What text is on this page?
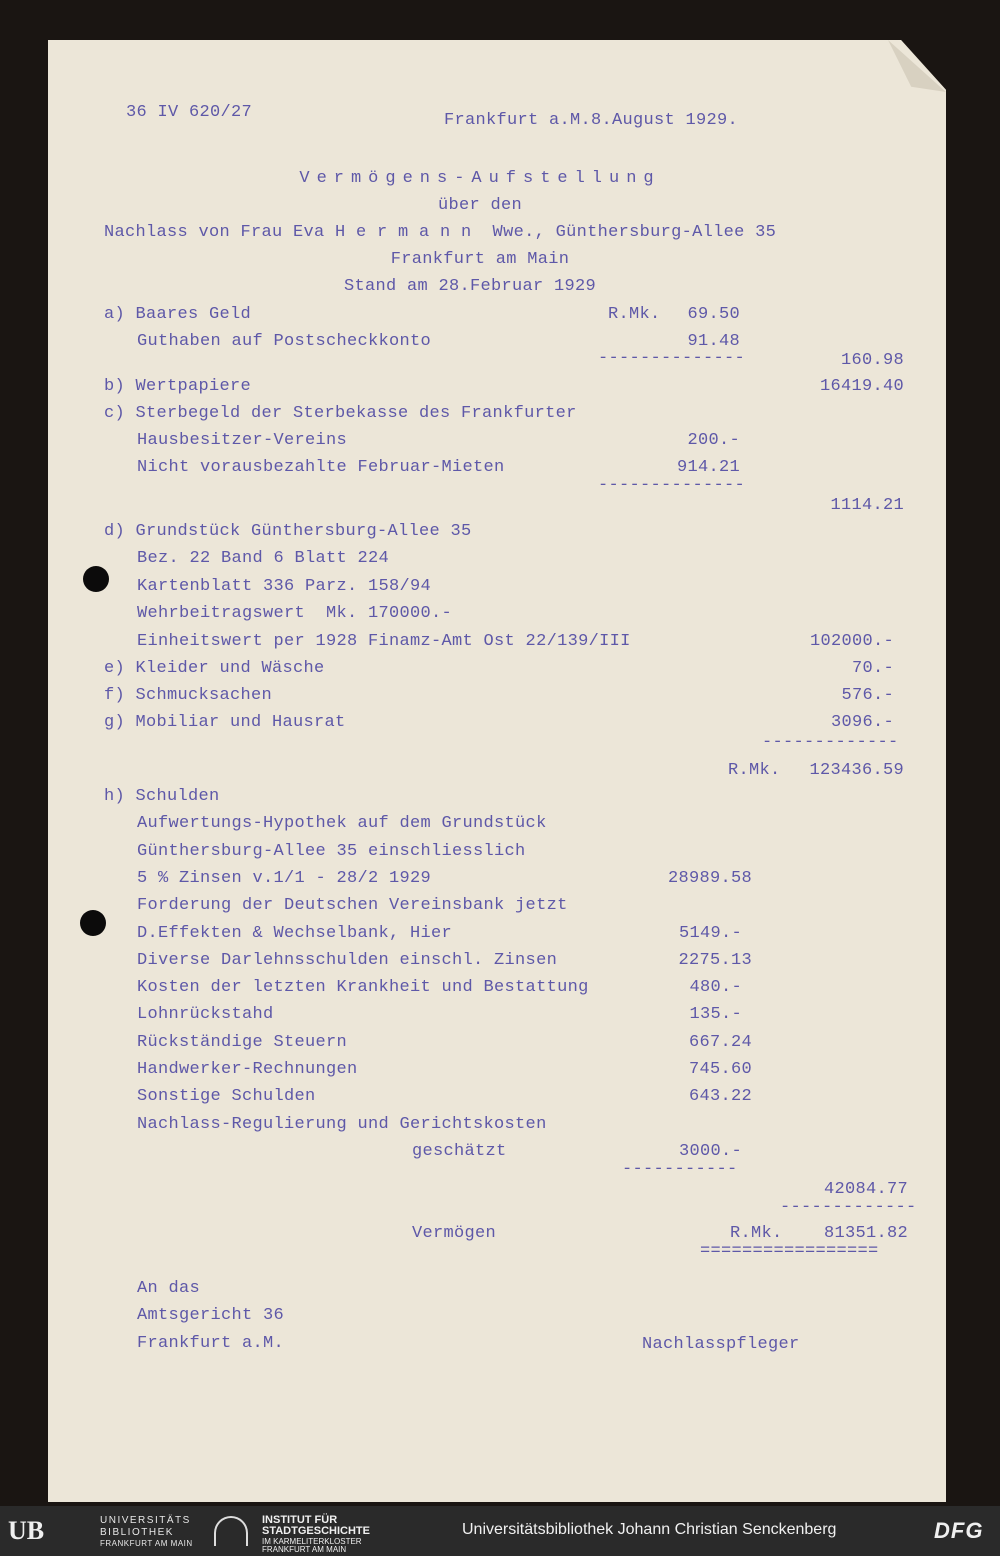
36 IV 620/27	Frankfurt a.M.8.August 1929.
Vermögens-Aufstellung
über den
Nachlass von Frau Eva H e r m a n n  Wwe., Günthersburg-Allee 35
Frankfurt am Main
Stand am 28.Februar 1929
a) Baares Geld	R.Mk.	69.50
Guthaben auf Postscheckkonto	91.48
--------------	160.98
b) Wertpapiere	16419.40
c) Sterbegeld der Sterbekasse des Frankfurter
Hausbesitzer-Vereins	200.-
Nicht vorausbezahlte Februar-Mieten	914.21
--------------
1114.21
d) Grundstück Günthersburg-Allee 35
Bez. 22 Band 6 Blatt 224
Kartenblatt 336 Parz. 158/94
Wehrbeitragswert  Mk. 170000.-
Einheitswert per 1928 Finamz-Amt Ost 22/139/III	102000.-
e) Kleider und Wäsche	70.-
f) Schmucksachen	576.-
g) Mobiliar und Hausrat	3096.-
-------------
R.Mk.	123436.59
h) Schulden
Aufwertungs-Hypothek auf dem Grundstück
Günthersburg-Allee 35 einschliesslich
5 % Zinsen v.1/1 - 28/2 1929	28989.58
Forderung der Deutschen Vereinsbank jetzt
D.Effekten & Wechselbank, Hier	5149.-
Diverse Darlehnsschulden einschl. Zinsen	2275.13
Kosten der letzten Krankheit und Bestattung	480.-
Lohnrückstahd	135.-
Rückständige Steuern	667.24
Handwerker-Rechnungen	745.60
Sonstige Schulden	643.22
Nachlass-Regulierung und Gerichtskosten
geschätzt	3000.-
-----------
42084.77
-------------
Vermögen	R.Mk.	81351.82
=================
An das
Amtsgericht 36
Frankfurt a.M.	Nachlasspfleger
UB	UNIVERSITÄTS
BIBLIOTHEK
FRANKFURT AM MAIN
INSTITUT FÜR
STADTGESCHICHTE
IM KARMELITERKLOSTER
FRANKFURT AM MAIN
Universitätsbibliothek Johann Christian Senckenberg	DFG
